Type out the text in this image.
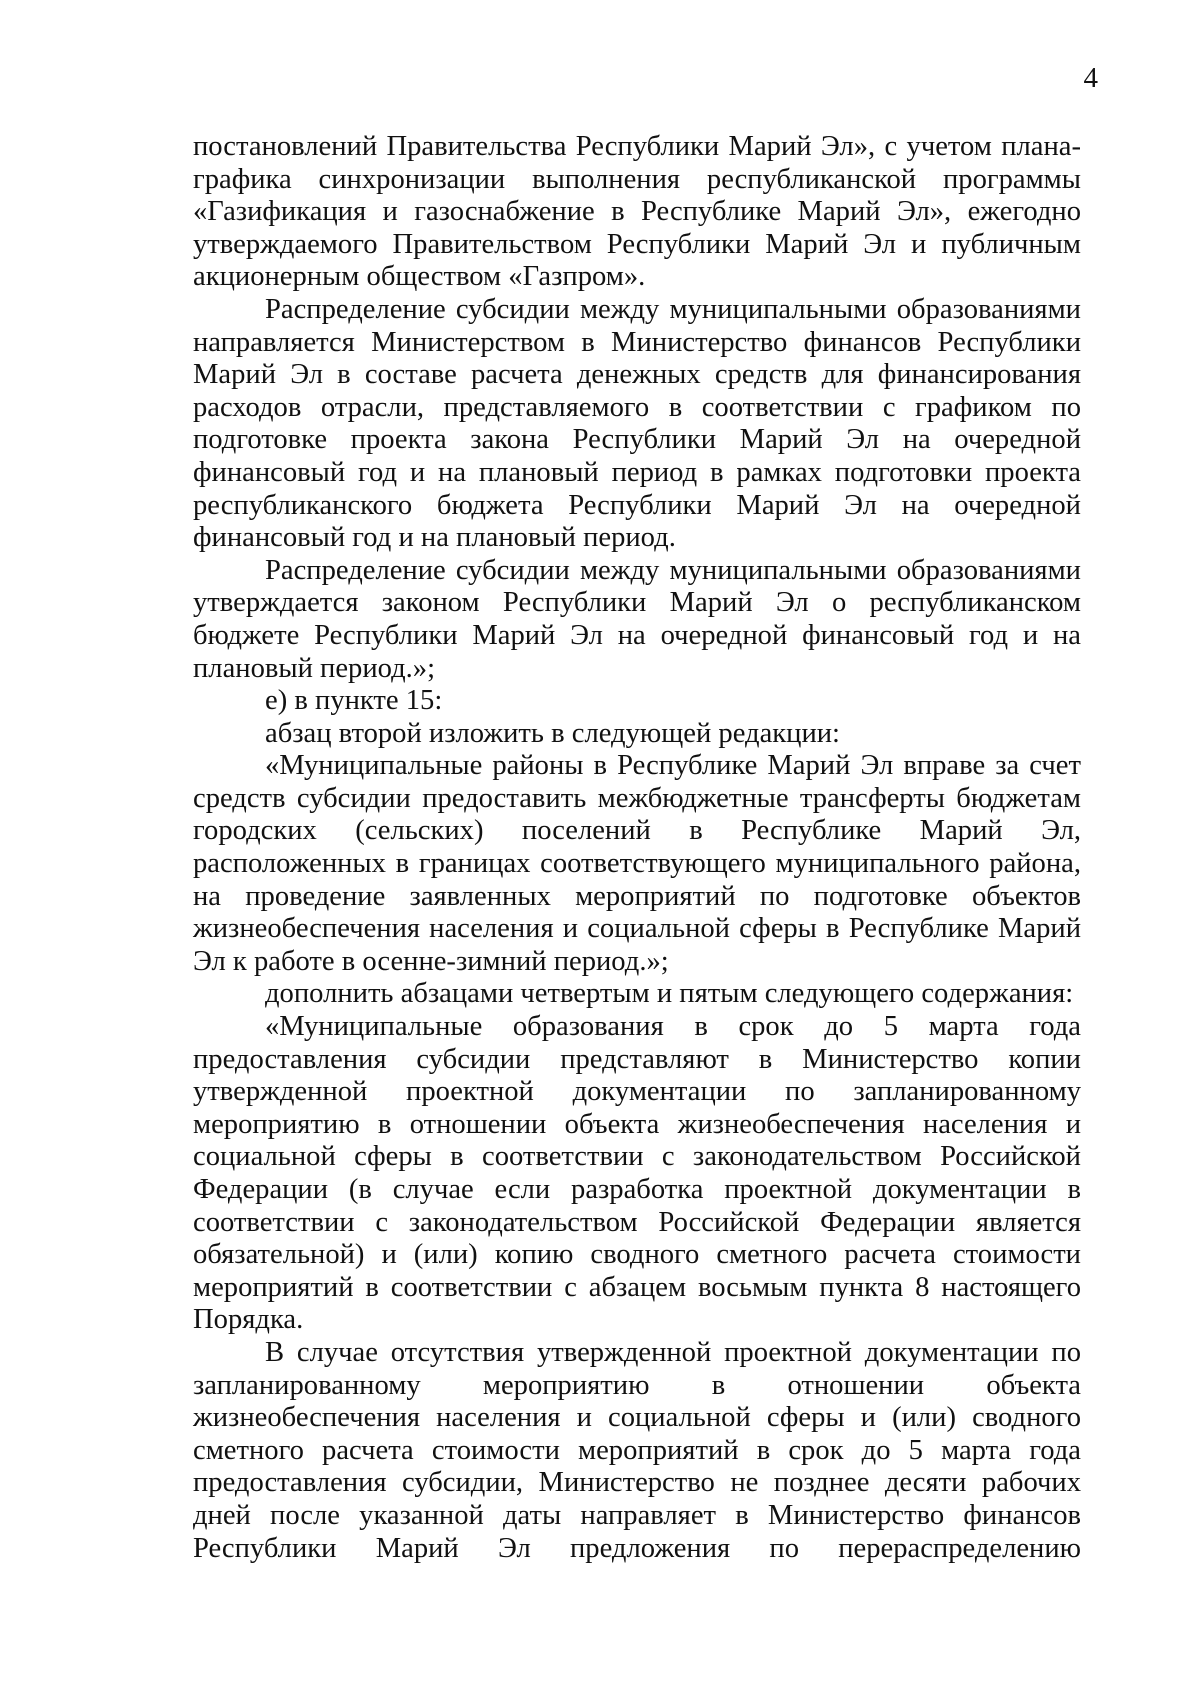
4

постановлений Правительства Республики Марий Эл», с учетом плана-графика синхронизации выполнения республиканской программы «Газификация и газоснабжение в Республике Марий Эл», ежегодно утверждаемого Правительством Республики Марий Эл и публичным акционерным обществом «Газпром».

Распределение субсидии между муниципальными образованиями направляется Министерством в Министерство финансов Республики Марий Эл в составе расчета денежных средств для финансирования расходов отрасли, представляемого в соответствии с графиком по подготовке проекта закона Республики Марий Эл на очередной финансовый год и на плановый период в рамках подготовки проекта республиканского бюджета Республики Марий Эл на очередной финансовый год и на плановый период.

Распределение субсидии между муниципальными образованиями утверждается законом Республики Марий Эл о республиканском бюджете Республики Марий Эл на очередной финансовый год и на плановый период.»;

е) в пункте 15:

абзац второй изложить в следующей редакции:

«Муниципальные районы в Республике Марий Эл вправе за счет средств субсидии предоставить межбюджетные трансферты бюджетам городских (сельских) поселений в Республике Марий Эл, расположенных в границах соответствующего муниципального района, на проведение заявленных мероприятий по подготовке объектов жизнеобеспечения населения и социальной сферы в Республике Марий Эл к работе в осенне-зимний период.»;

дополнить абзацами четвертым и пятым следующего содержания:

«Муниципальные образования в срок до 5 марта года предоставления субсидии представляют в Министерство копии утвержденной проектной документации по запланированному мероприятию в отношении объекта жизнеобеспечения населения и социальной сферы в соответствии с законодательством Российской Федерации (в случае если разработка проектной документации в соответствии с законодательством Российской Федерации является обязательной) и (или) копию сводного сметного расчета стоимости мероприятий в соответствии с абзацем восьмым пункта 8 настоящего Порядка.

В случае отсутствия утвержденной проектной документации по запланированному мероприятию в отношении объекта жизнеобеспечения населения и социальной сферы и (или) сводного сметного расчета стоимости мероприятий в срок до 5 марта года предоставления субсидии, Министерство не позднее десяти рабочих дней после указанной даты направляет в Министерство финансов Республики Марий Эл предложения по перераспределению
